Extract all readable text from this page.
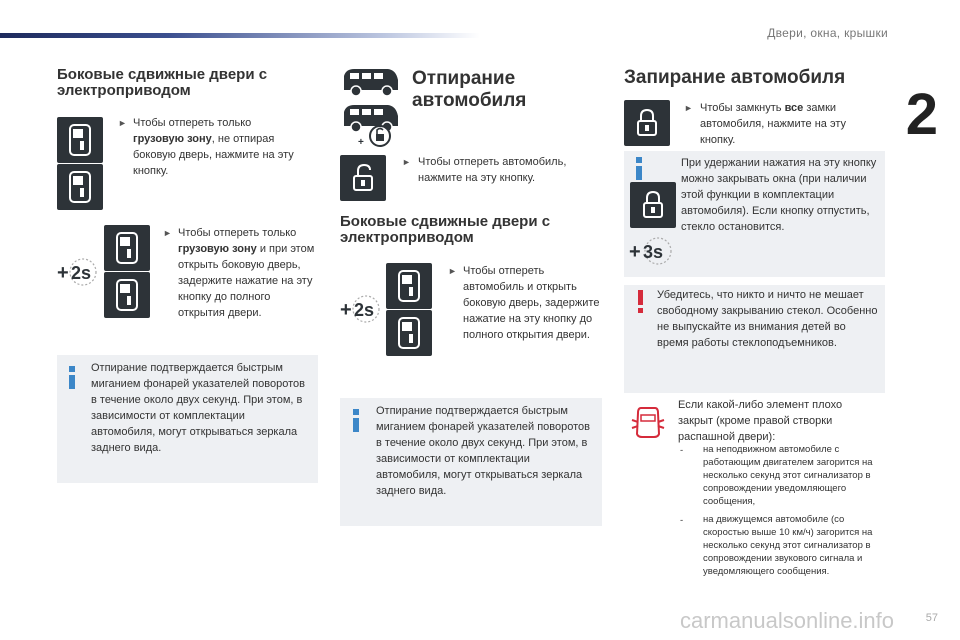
Двери, окна, крышки
2
Боковые сдвижные двери с электроприводом
► Чтобы отпереть только грузовую зону, не отпирая боковую дверь, нажмите на эту кнопку.
+ 2s
► Чтобы отпереть только грузовую зону и при этом открыть боковую дверь, задержите нажатие на эту кнопку до полного открытия двери.
Отпирание подтверждается быстрым миганием фонарей указателей поворотов в течение около двух секунд. При этом, в зависимости от комплектации автомобиля, могут открываться зеркала заднего вида.
+
Отпирание автомобиля
► Чтобы отпереть автомобиль, нажмите на эту кнопку.
Боковые сдвижные двери с электроприводом
+ 2s
► Чтобы отпереть автомобиль и открыть боковую дверь, задержите нажатие на эту кнопку до полного открытия двери.
Отпирание подтверждается быстрым миганием фонарей указателей поворотов в течение около двух секунд. При этом, в зависимости от комплектации автомобиля, могут открываться зеркала заднего вида.
Запирание автомобиля
► Чтобы замкнуть все замки автомобиля, нажмите на эту кнопку.
+ 3s
При удержании нажатия на эту кнопку можно закрывать окна (при наличии этой функции в комплектации автомобиля). Если кнопку отпустить, стекло остановится.
Убедитесь, что никто и ничто не мешает свободному закрыванию стекол. Особенно не выпускайте из внимания детей во время работы стеклоподъемников.
Если какой-либо элемент плохо закрыт (кроме правой створки распашной двери):
- на неподвижном автомобиле с работающим двигателем загорится на несколько секунд этот сигнализатор в сопровождении уведомляющего сообщения,
- на движущемся автомобиле (со скоростью выше 10 км/ч) загорится на несколько секунд этот сигнализатор в сопровождении звукового сигнала и уведомляющего сообщения.
carmanualsonline.info	57
